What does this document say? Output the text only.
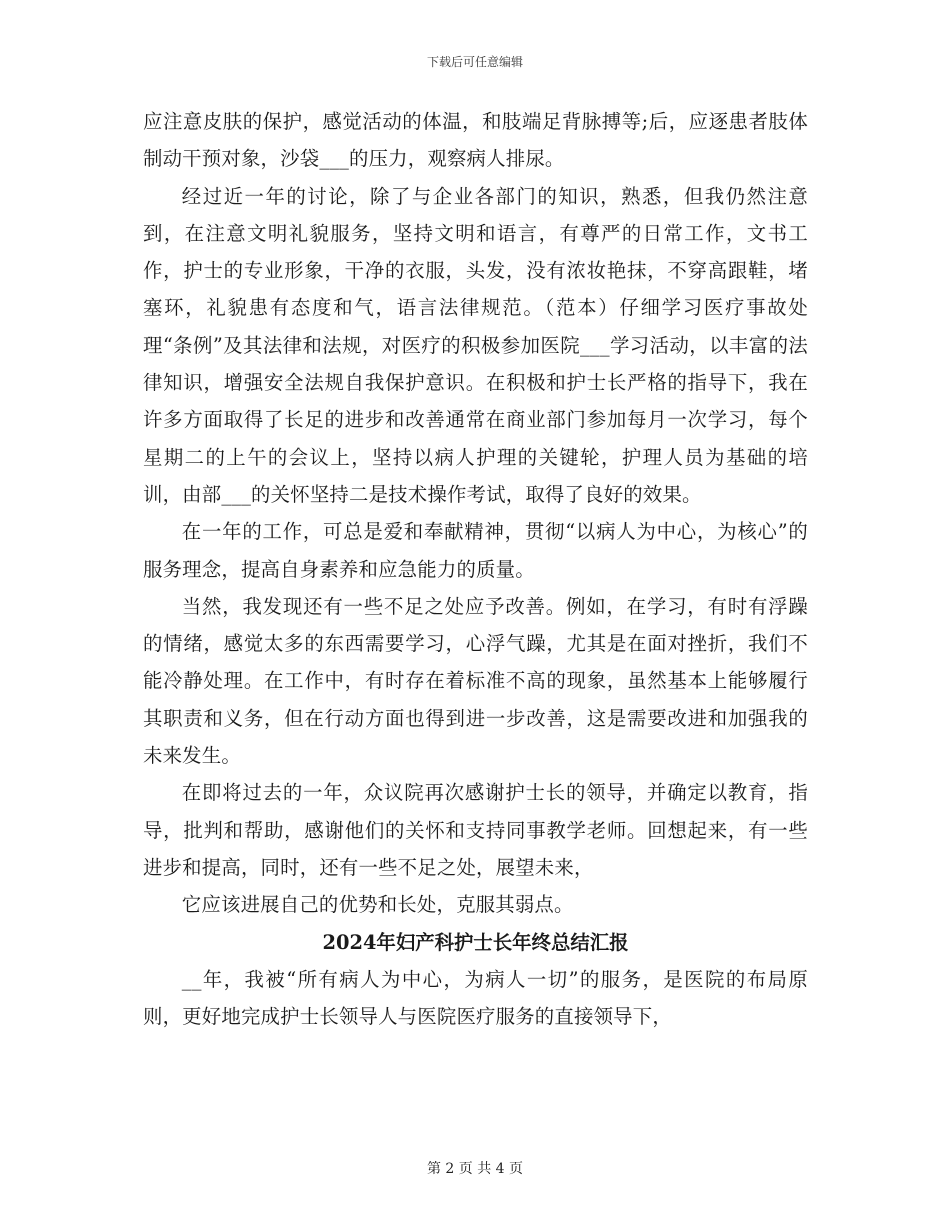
下载后可任意编辑

应注意皮肤的保护，感觉活动的体温，和肢端足背脉搏等;后，应逐患者肢体制动干预对象，沙袋___的压力，观察病人排尿。

经过近一年的讨论，除了与企业各部门的知识，熟悉，但我仍然注意到，在注意文明礼貌服务，坚持文明和语言，有尊严的日常工作，文书工作，护士的专业形象，干净的衣服，头发，没有浓妆艳抹，不穿高跟鞋，堵塞环，礼貌患有态度和气，语言法律规范。（范本）仔细学习医疗事故处理“条例”及其法律和法规，对医疗的积极参加医院___学习活动，以丰富的法律知识，增强安全法规自我保护意识。在积极和护士长严格的指导下，我在许多方面取得了长足的进步和改善通常在商业部门参加每月一次学习，每个星期二的上午的会议上，坚持以病人护理的关键轮，护理人员为基础的培训，由部___的关怀坚持二是技术操作考试，取得了良好的效果。

在一年的工作，可总是爱和奉献精神，贯彻“以病人为中心，为核心”的服务理念，提高自身素养和应急能力的质量。

当然，我发现还有一些不足之处应予改善。例如，在学习，有时有浮躁的情绪，感觉太多的东西需要学习，心浮气躁，尤其是在面对挫折，我们不能冷静处理。在工作中，有时存在着标准不高的现象，虽然基本上能够履行其职责和义务，但在行动方面也得到进一步改善，这是需要改进和加强我的未来发生。

在即将过去的一年，众议院再次感谢护士长的领导，并确定以教育，指导，批判和帮助，感谢他们的关怀和支持同事教学老师。回想起来，有一些进步和提高，同时，还有一些不足之处，展望未来，

它应该进展自己的优势和长处，克服其弱点。

2024年妇产科护士长年终总结汇报

__年，我被“所有病人为中心，为病人一切”的服务，是医院的布局原则，更好地完成护士长领导人与医院医疗服务的直接领导下，

第 2 页 共 4 页
